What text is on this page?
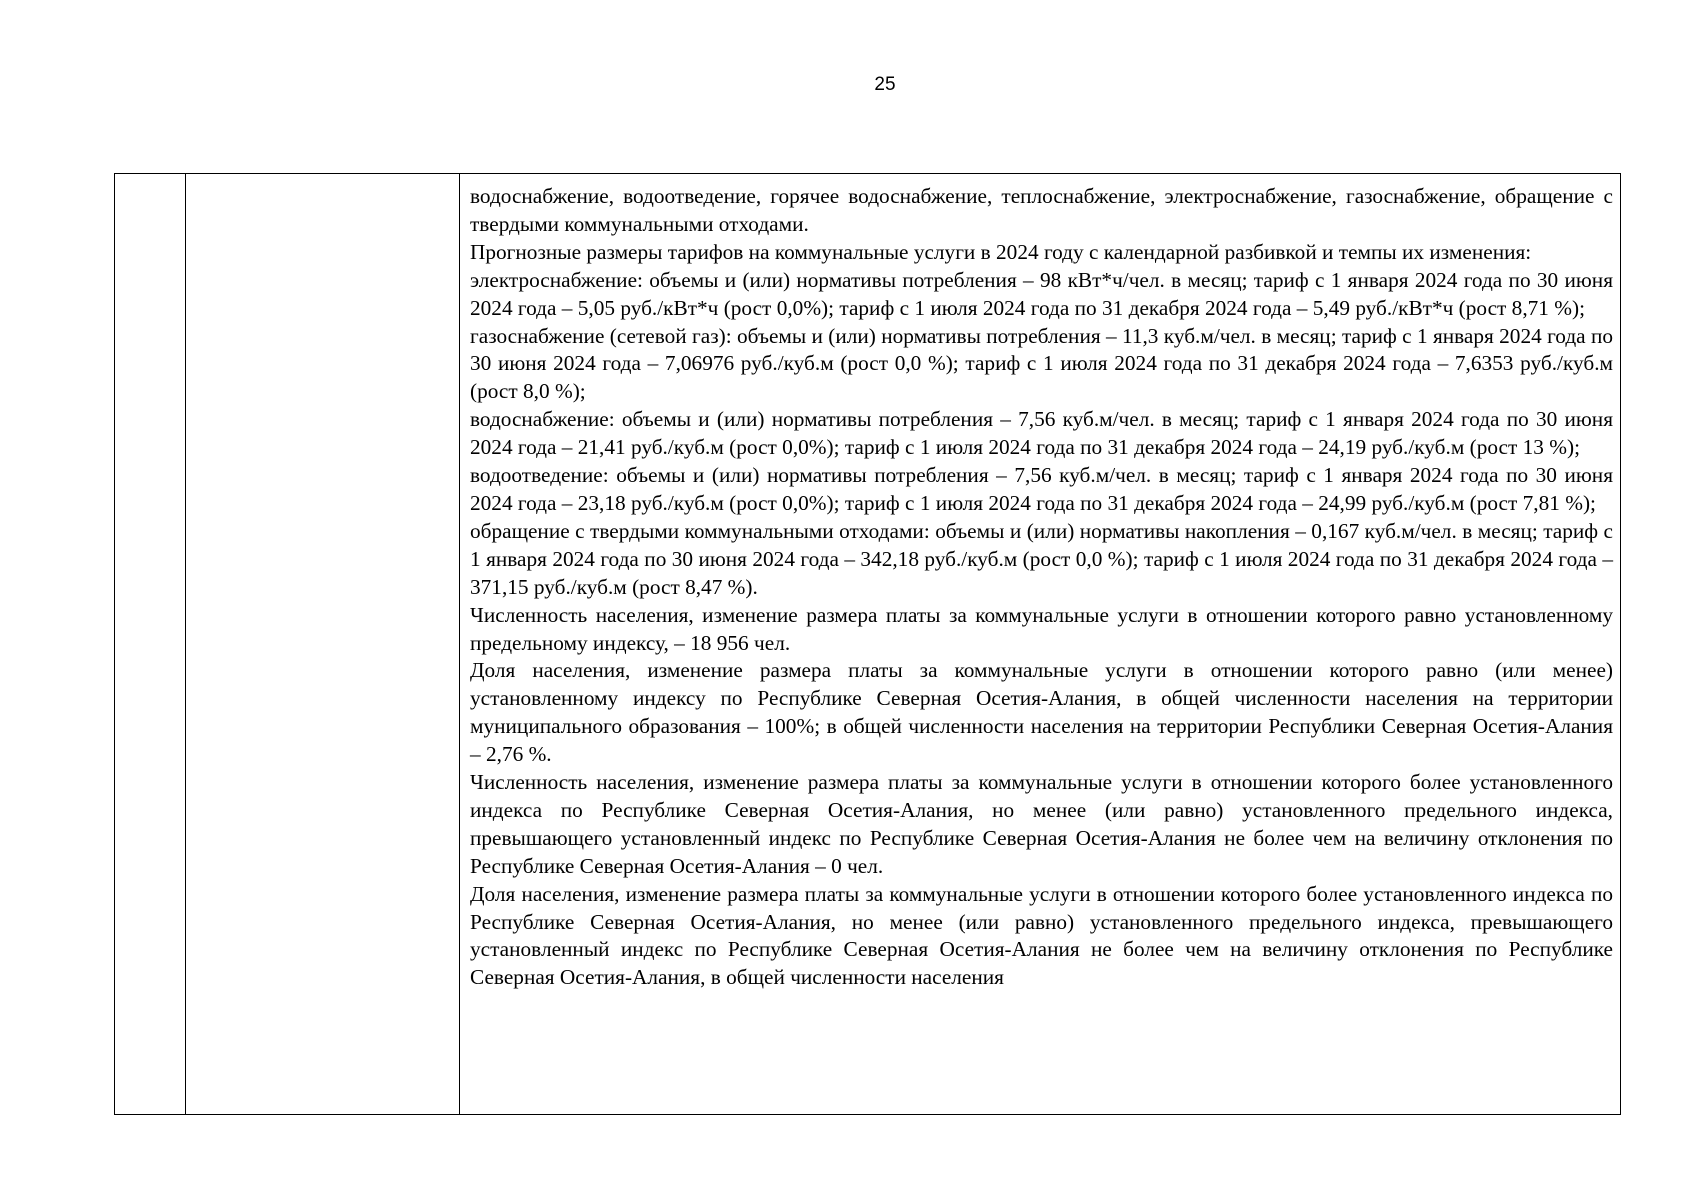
25

водоснабжение, водоотведение, горячее водоснабжение, теплоснабжение, электроснабжение, газоснабжение, обращение с твердыми коммунальными отходами.

Прогнозные размеры тарифов на коммунальные услуги в 2024 году с календарной разбивкой и темпы их изменения:

электроснабжение: объемы и (или) нормативы потребления – 98 кВт*ч/чел. в месяц; тариф с 1 января 2024 года по 30 июня 2024 года – 5,05 руб./кВт*ч (рост 0,0%); тариф с 1 июля 2024 года по 31 декабря 2024 года – 5,49 руб./кВт*ч (рост 8,71 %);

газоснабжение (сетевой газ): объемы и (или) нормативы потребления – 11,3 куб.м/чел. в месяц; тариф с 1 января 2024 года по 30 июня 2024 года – 7,06976 руб./куб.м (рост 0,0 %); тариф с 1 июля 2024 года по 31 декабря 2024 года – 7,6353 руб./куб.м (рост 8,0 %);

водоснабжение: объемы и (или) нормативы потребления – 7,56 куб.м/чел. в месяц; тариф с 1 января 2024 года по 30 июня 2024 года – 21,41 руб./куб.м (рост 0,0%); тариф с 1 июля 2024 года по 31 декабря 2024 года – 24,19 руб./куб.м (рост 13 %);

водоотведение: объемы и (или) нормативы потребления – 7,56 куб.м/чел. в месяц; тариф с 1 января 2024 года по 30 июня 2024 года – 23,18 руб./куб.м (рост 0,0%); тариф с 1 июля 2024 года по 31 декабря 2024 года – 24,99 руб./куб.м (рост 7,81 %);

обращение с твердыми коммунальными отходами: объемы и (или) нормативы накопления – 0,167 куб.м/чел. в месяц; тариф с 1 января 2024 года по 30 июня 2024 года – 342,18 руб./куб.м (рост 0,0 %); тариф с 1 июля 2024 года по 31 декабря 2024 года –371,15 руб./куб.м (рост 8,47 %).

Численность населения, изменение размера платы за коммунальные услуги в отношении которого равно установленному предельному индексу, – 18 956 чел.

Доля населения, изменение размера платы за коммунальные услуги в отношении которого равно (или менее) установленному индексу по Республике Северная Осетия-Алания, в общей численности населения на территории муниципального образования – 100%; в общей численности населения на территории Республики Северная Осетия-Алания – 2,76 %.

Численность населения, изменение размера платы за коммунальные услуги в отношении которого более установленного индекса по Республике Северная Осетия-Алания, но менее (или равно) установленного предельного индекса, превышающего установленный индекс по Республике Северная Осетия-Алания не более чем на величину отклонения по Республике Северная Осетия-Алания – 0 чел.

Доля населения, изменение размера платы за коммунальные услуги в отношении которого более установленного индекса по Республике Северная Осетия-Алания, но менее (или равно) установленного предельного индекса, превышающего установленный индекс по Республике Северная Осетия-Алания не более чем на величину отклонения по Республике Северная Осетия-Алания, в общей численности населения
